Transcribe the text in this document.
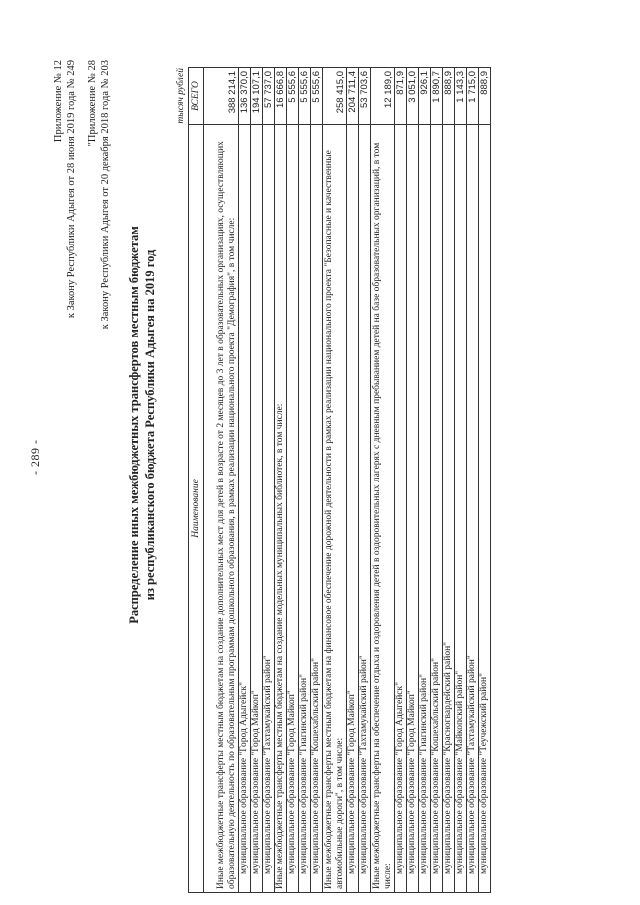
- 289 -
Приложение № 12 к Закону Республики Адыгея от 28 июня 2019 года № 249 "Приложение № 28 к Закону Республики Адыгея от 20 декабря 2018 года № 203
Распределение иных межбюджетных трансфертов местным бюджетам из республиканского бюджета Республики Адыгея на 2019 год
тысяч рублей
Наименование	ВСЕГО
Иные межбюджетные трансферты местным бюджетам на создание дополнительных мест для детей в возрасте от 2 месяцев до 3 лет в образовательных организациях, осуществляющих образовательную деятельность по образовательным программам дошкольного образования, в рамках реализации национального проекта "Демография", в том числе:	388 214,1
муниципальное образование "Город Адыгейск"	136 370,0
муниципальное образование "Город Майкоп"	194 107,1
муниципальное образование "Тахтамукайский район"	57 737,0
Иные межбюджетные трансферты местным бюджетам на создание модельных муниципальных библиотек, в том числе:	16 666,8
муниципальное образование "Город Майкоп"	5 555,6
муниципальное образование "Гиагинский район"	5 555,6
муниципальное образование "Кошехабльский район"	5 555,6
Иные межбюджетные трансферты местным бюджетам на финансовое обеспечение дорожной деятельности в рамках реализации национального проекта "Безопасные и качественные автомобильные дороги", в том числе:	258 415,0
муниципальное образование "Город Майкоп"	204 711,4
муниципальное образование "Тахтамукайский район"	53 703,6
Иные межбюджетные трансферты на обеспечение отдыха и оздоровления детей в оздоровительных лагерях с дневным пребыванием детей на базе образовательных организаций, в том числе:	12 189,0
муниципальное образование "Город Адыгейск"	871,9
муниципальное образование "Город Майкоп"	3 051,0
муниципальное образование "Гиагинский район"	926,1
муниципальное образование "Кошехабльский район"	1 890,7
муниципальное образование "Красногвардейский район"	888,9
муниципальное образование "Майкопский район"	1 143,3
муниципальное образование "Тахтамукайский район"	1 715,0
муниципальное образование "Теучежский район"	888,9
